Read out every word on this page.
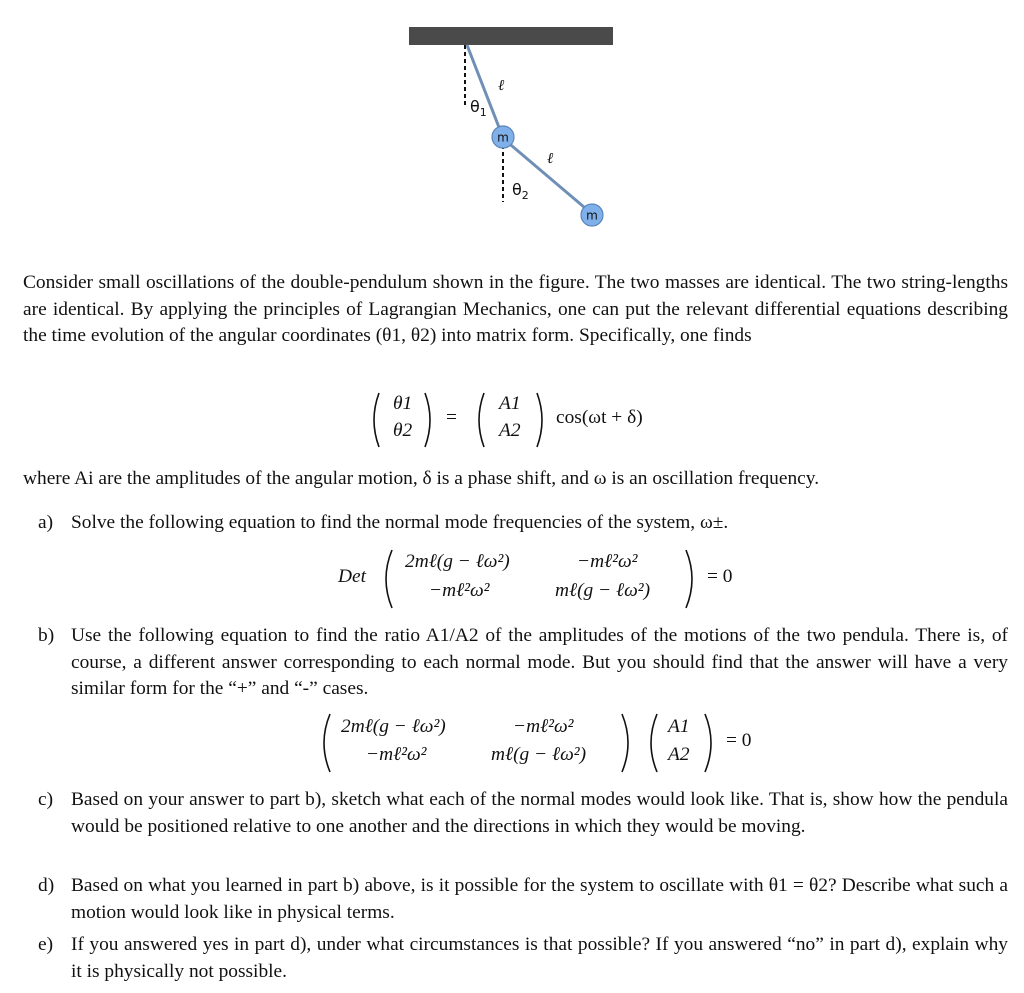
m
m
ℓ
ℓ
$\theta_1$
$\theta_2$
Consider small oscillations of the double-pendulum shown in the figure. The two masses are identical. The two string-lengths are identical. By applying the principles of Lagrangian Mechanics, one can put the relevant differential equations describing the time evolution of the angular coordinates (θ1, θ2) into matrix form. Specifically, one finds
θ1
θ2
=
A1
A2
cos(ωt + δ)
where Ai are the amplitudes of the angular motion, δ is a phase shift, and ω is an oscillation frequency.
a) Solve the following equation to find the normal mode frequencies of the system, ω±.
Det
2mℓ(g − ℓω²)	−mℓ²ω²
−mℓ²ω²	mℓ(g − ℓω²)
= 0
b) Use the following equation to find the ratio A1/A2 of the amplitudes of the motions of the two pendula. There is, of course, a different answer corresponding to each normal mode. But you should find that the answer will have a very similar form for the “+” and “-” cases.
2mℓ(g − ℓω²)	−mℓ²ω²
−mℓ²ω²	mℓ(g − ℓω²)
A1
A2
= 0
c) Based on your answer to part b), sketch what each of the normal modes would look like. That is, show how the pendula would be positioned relative to one another and the directions in which they would be moving.
d) Based on what you learned in part b) above, is it possible for the system to oscillate with θ1 = θ2? Describe what such a motion would look like in physical terms.
e) If you answered yes in part d), under what circumstances is that possible? If you answered “no” in part d), explain why it is physically not possible.
